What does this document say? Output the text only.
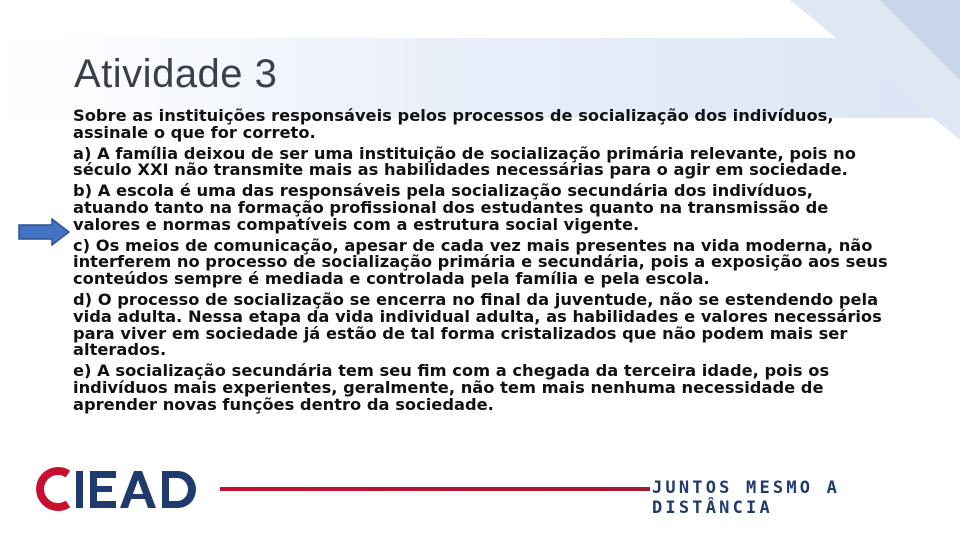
Atividade 3

Sobre as instituições responsáveis pelos processos de socialização dos indivíduos, assinale o que for correto.

a) A família deixou de ser uma instituição de socialização primária relevante, pois no século XXI não transmite mais as habilidades necessárias para o agir em sociedade.

b) A escola é uma das responsáveis pela socialização secundária dos indivíduos, atuando tanto na formação profissional dos estudantes quanto na transmissão de valores e normas compatíveis com a estrutura social vigente.

c) Os meios de comunicação, apesar de cada vez mais presentes na vida moderna, não interferem no processo de socialização primária e secundária, pois a exposição aos seus conteúdos sempre é mediada e controlada pela família e pela escola.

d) O processo de socialização se encerra no final da juventude, não se estendendo pela vida adulta. Nessa etapa da vida individual adulta, as habilidades e valores necessários para viver em sociedade já estão de tal forma cristalizados que não podem mais ser alterados.

e) A socialização secundária tem seu fim com a chegada da terceira idade, pois os indivíduos mais experientes, geralmente, não tem mais nenhuma necessidade de aprender novas funções dentro da sociedade.

JUNTOS MESMO A DISTÂNCIA
